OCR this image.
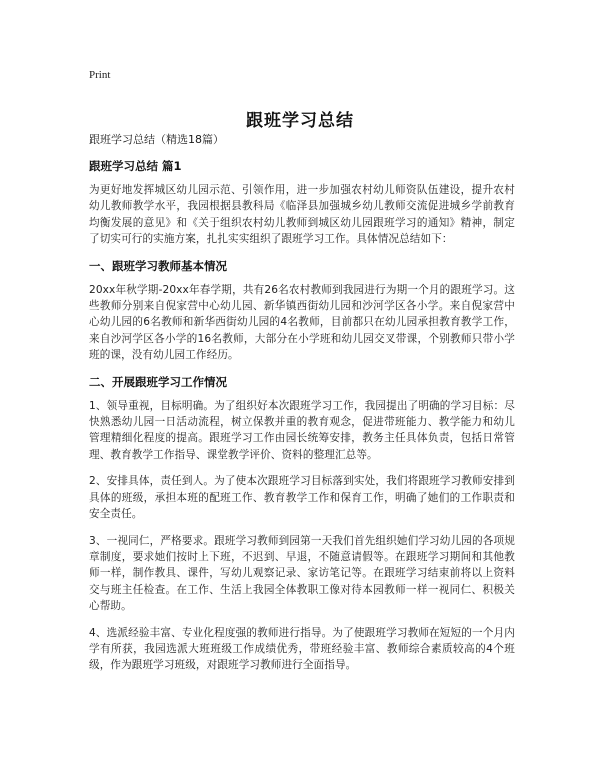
Print
跟班学习总结

跟班学习总结（精选18篇）

跟班学习总结 篇1

为更好地发挥城区幼儿园示范、引领作用，进一步加强农村幼儿师资队伍建设，提升农村幼儿教师教学水平，我园根据县教科局《临泽县加强城乡幼儿教师交流促进城乡学前教育均衡发展的意见》和《关于组织农村幼儿教师到城区幼儿园跟班学习的通知》精神，制定了切实可行的实施方案，扎扎实实组织了跟班学习工作。具体情况总结如下：

一、跟班学习教师基本情况

20xx年秋学期-20xx年春学期，共有26名农村教师到我园进行为期一个月的跟班学习。这些教师分别来自倪家营中心幼儿园、新华镇西街幼儿园和沙河学区各小学。来自倪家营中心幼儿园的6名教师和新华西街幼儿园的4名教师，目前都只在幼儿园承担教育教学工作，来自沙河学区各小学的16名教师，大部分在小学班和幼儿园交叉带课，个别教师只带小学班的课，没有幼儿园工作经历。

二、开展跟班学习工作情况

1、领导重视，目标明确。为了组织好本次跟班学习工作，我园提出了明确的学习目标：尽快熟悉幼儿园一日活动流程，树立保教并重的教育观念，促进带班能力、教学能力和幼儿管理精细化程度的提高。跟班学习工作由园长统筹安排，教务主任具体负责，包括日常管理、教育教学工作指导、课堂教学评价、资料的整理汇总等。

2、安排具体，责任到人。为了使本次跟班学习目标落到实处，我们将跟班学习教师安排到具体的班级，承担本班的配班工作、教育教学工作和保育工作，明确了她们的工作职责和安全责任。

3、一视同仁，严格要求。跟班学习教师到园第一天我们首先组织她们学习幼儿园的各项规章制度，要求她们按时上下班，不迟到、早退，不随意请假等。在跟班学习期间和其他教师一样，制作教具、课件，写幼儿观察记录、家访笔记等。在跟班学习结束前将以上资料交与班主任检查。在工作、生活上我园全体教职工像对待本园教师一样一视同仁、积极关心帮助。

4、选派经验丰富、专业化程度强的教师进行指导。为了使跟班学习教师在短短的一个月内学有所获，我园选派大班班级工作成绩优秀，带班经验丰富、教师综合素质较高的4个班级，作为跟班学习班级，对跟班学习教师进行全面指导。
